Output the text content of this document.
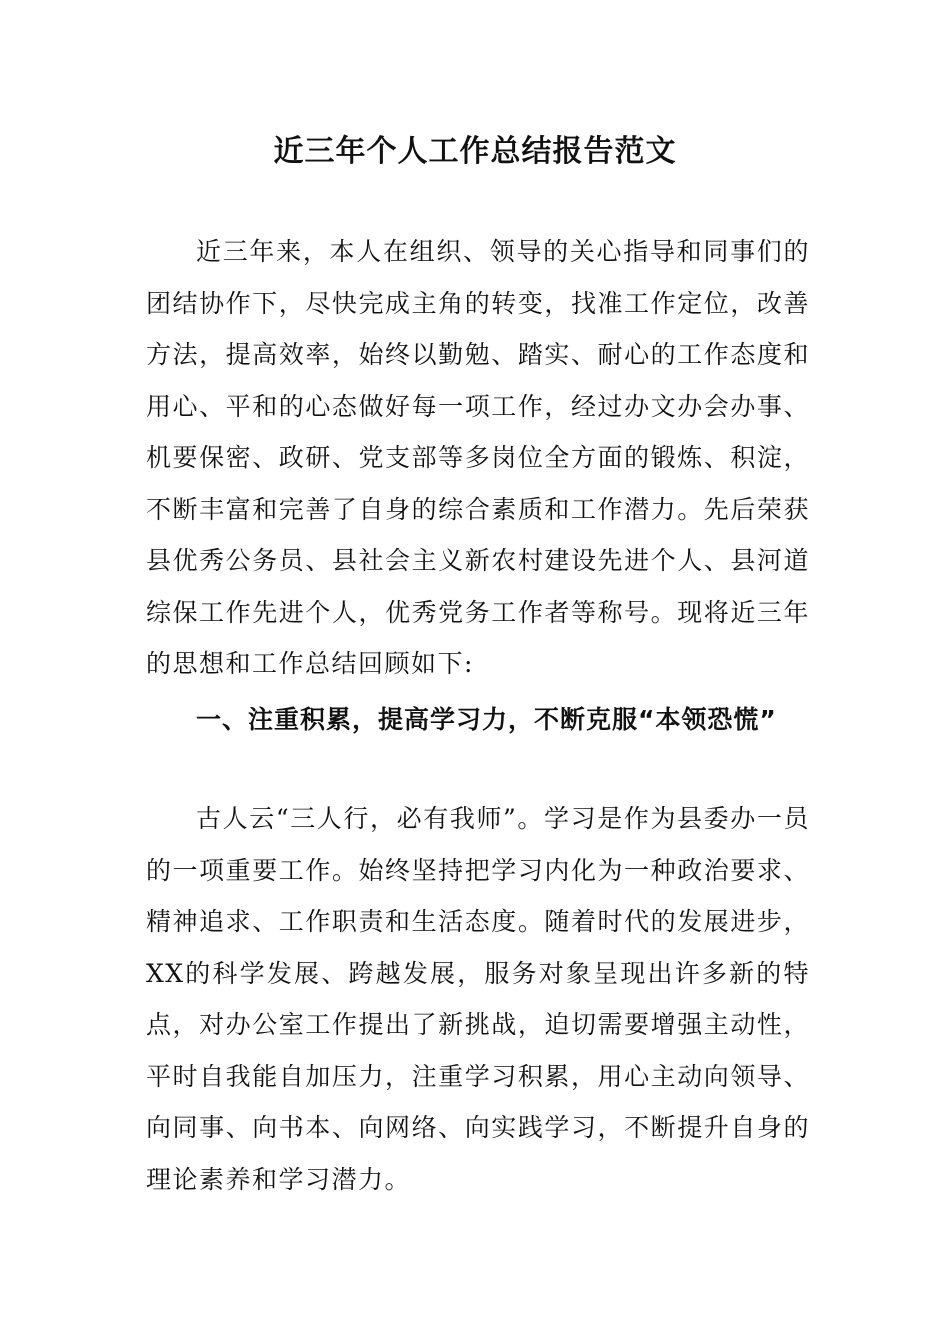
近三年个人工作总结报告范文

近三年来，本人在组织、领导的关心指导和同事们的团结协作下，尽快完成主角的转变，找准工作定位，改善方法，提高效率，始终以勤勉、踏实、耐心的工作态度和用心、平和的心态做好每一项工作，经过办文办会办事、机要保密、政研、党支部等多岗位全方面的锻炼、积淀，不断丰富和完善了自身的综合素质和工作潜力。先后荣获县优秀公务员、县社会主义新农村建设先进个人、县河道综保工作先进个人，优秀党务工作者等称号。现将近三年的思想和工作总结回顾如下:

一、注重积累，提高学习力，不断克服“本领恐慌”

古人云“三人行，必有我师”。学习是作为县委办一员的一项重要工作。始终坚持把学习内化为一种政治要求、精神追求、工作职责和生活态度。随着时代的发展进步，XX的科学发展、跨越发展，服务对象呈现出许多新的特点，对办公室工作提出了新挑战，迫切需要增强主动性，平时自我能自加压力，注重学习积累，用心主动向领导、向同事、向书本、向网络、向实践学习，不断提升自身的理论素养和学习潜力。
